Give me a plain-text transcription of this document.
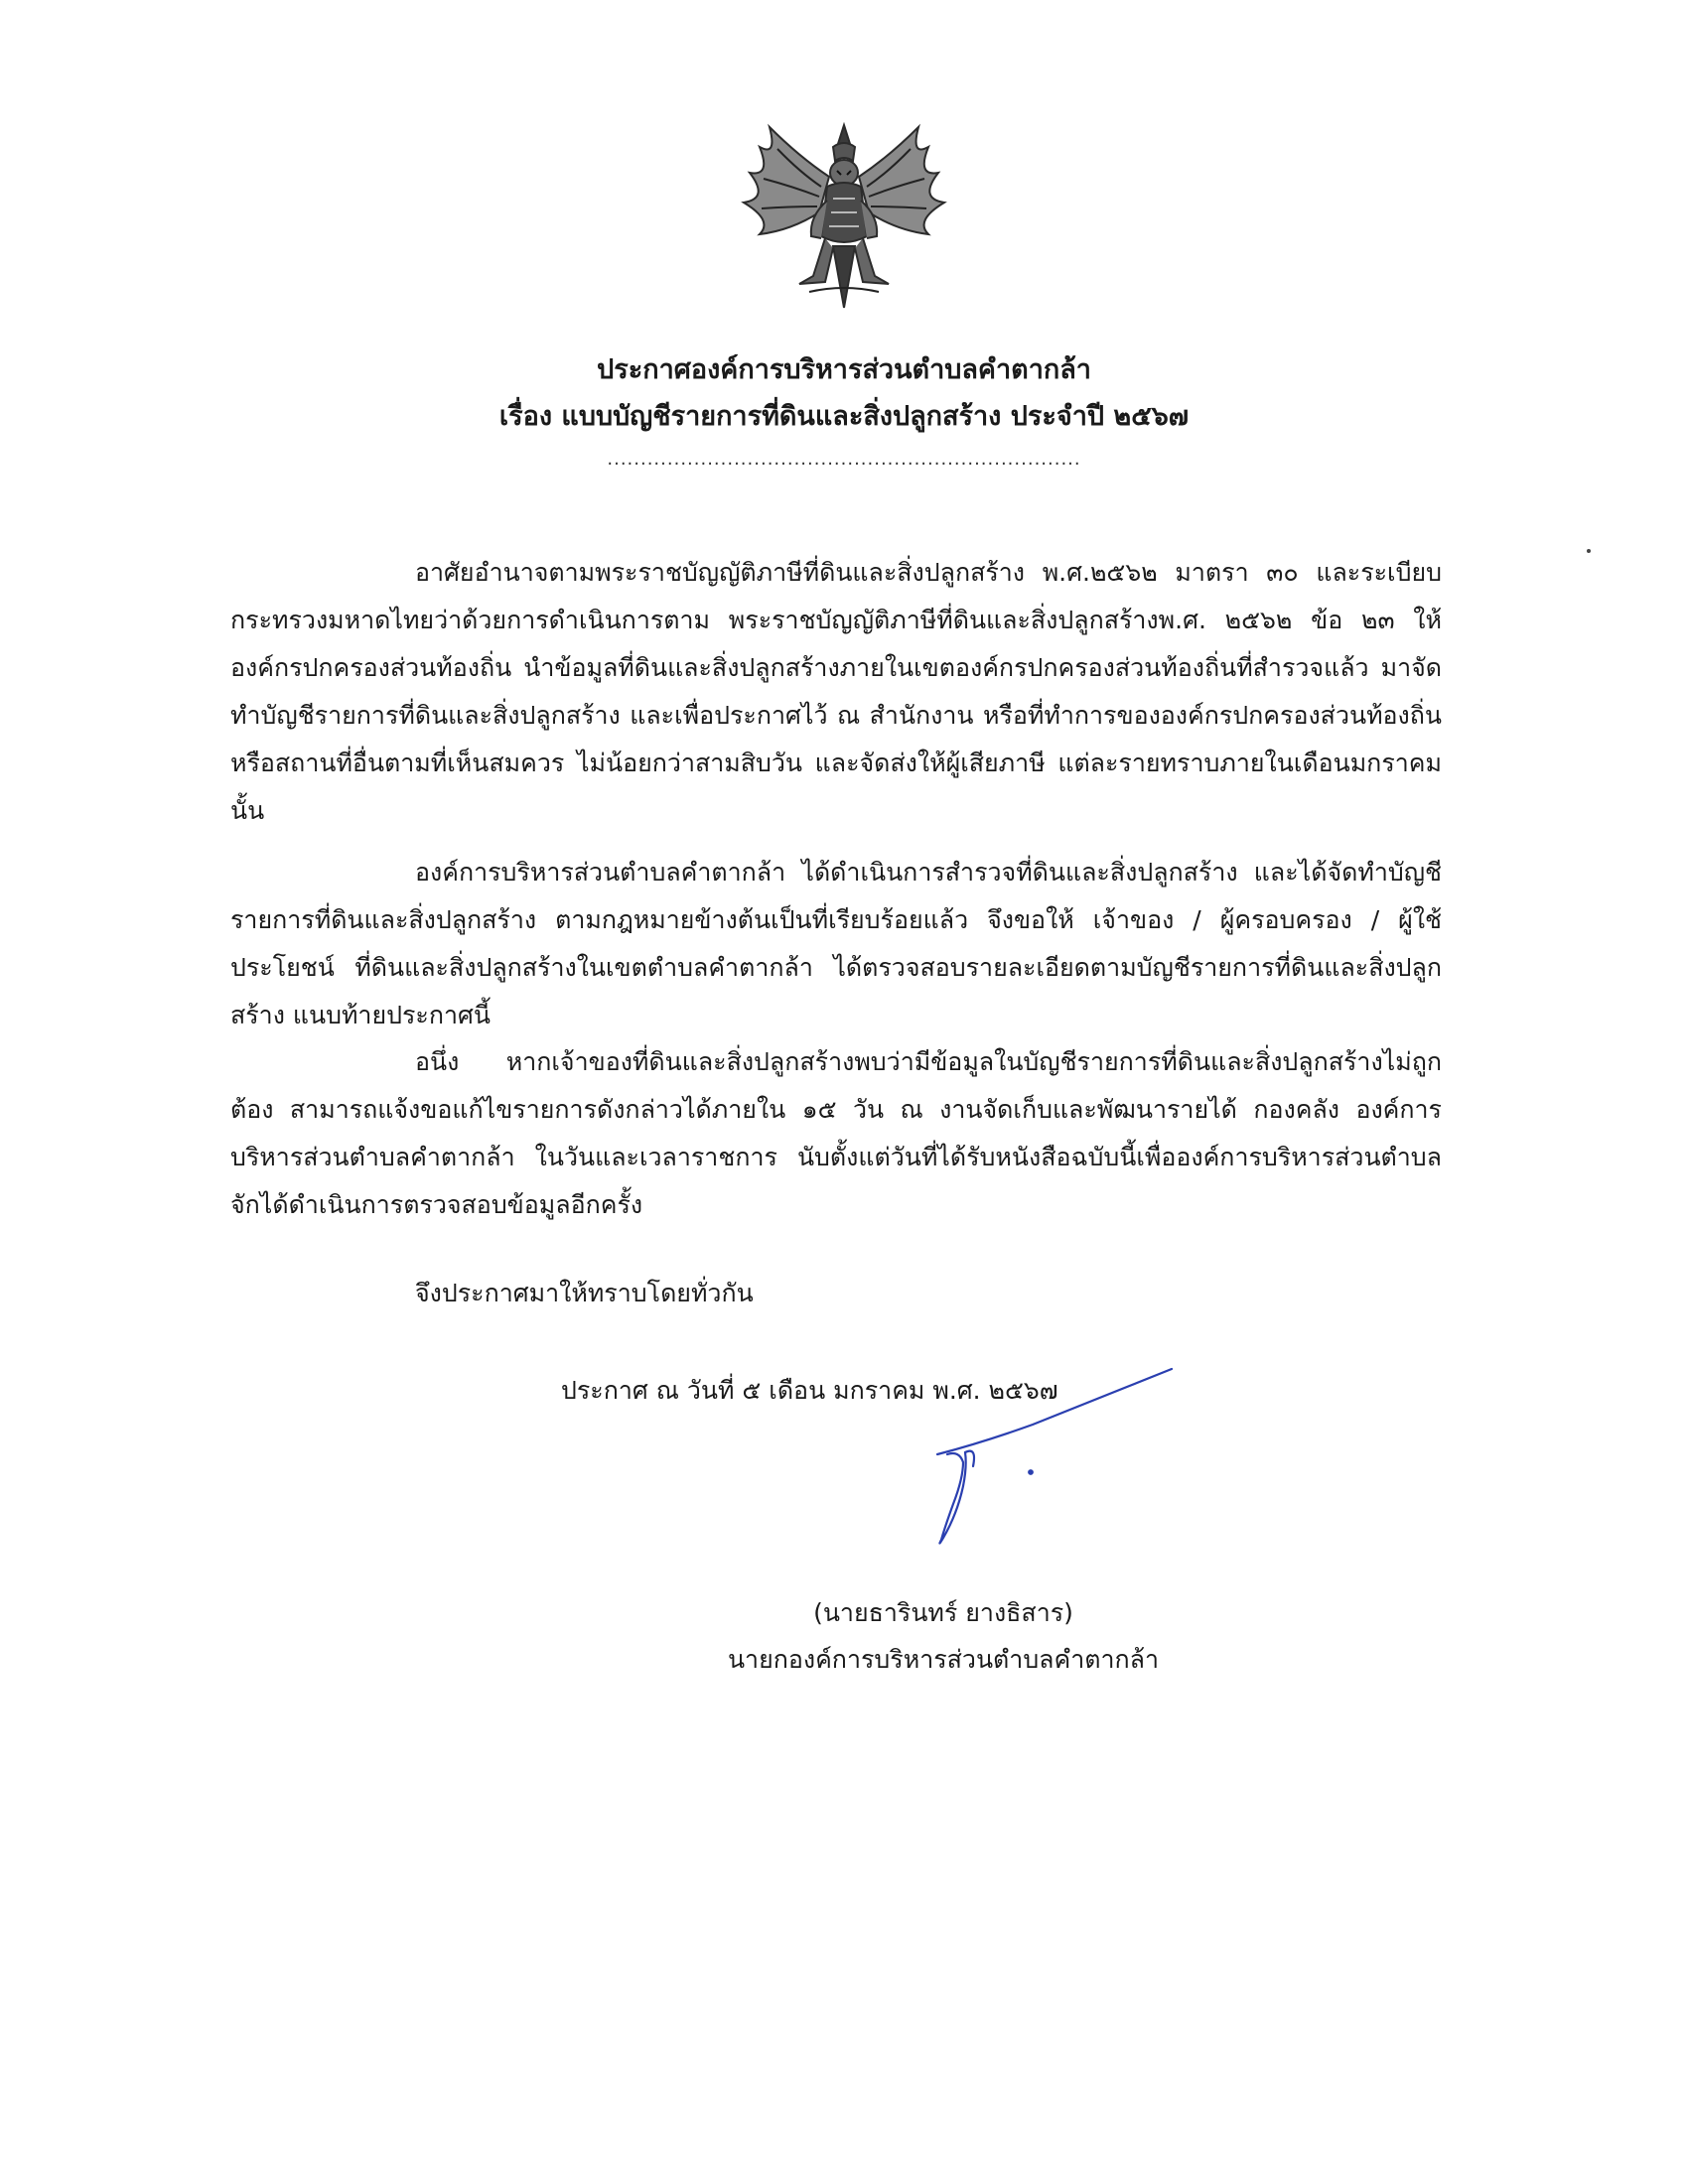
ประกาศองค์การบริหารส่วนตำบลคำตากล้า
เรื่อง แบบบัญชีรายการที่ดินและสิ่งปลูกสร้าง ประจำปี ๒๕๖๗
.......................................................................

อาศัยอำนาจตามพระราชบัญญัติภาษีที่ดินและสิ่งปลูกสร้าง พ.ศ.๒๕๖๒ มาตรา ๓๐ และระเบียบกระทรวงมหาดไทยว่าด้วยการดำเนินการตาม พระราชบัญญัติภาษีที่ดินและสิ่งปลูกสร้างพ.ศ. ๒๕๖๒ ข้อ ๒๓ ให้องค์กรปกครองส่วนท้องถิ่น นำข้อมูลที่ดินและสิ่งปลูกสร้างภายในเขตองค์กรปกครองส่วนท้องถิ่นที่สำรวจแล้ว มาจัดทำบัญชีรายการที่ดินและสิ่งปลูกสร้าง และเพื่อประกาศไว้ ณ สำนักงาน หรือที่ทำการขององค์กรปกครองส่วนท้องถิ่น หรือสถานที่อื่นตามที่เห็นสมควร ไม่น้อยกว่าสามสิบวัน และจัดส่งให้ผู้เสียภาษี แต่ละรายทราบภายในเดือนมกราคม นั้น

องค์การบริหารส่วนตำบลคำตากล้า ได้ดำเนินการสำรวจที่ดินและสิ่งปลูกสร้าง และได้จัดทำบัญชีรายการที่ดินและสิ่งปลูกสร้าง ตามกฎหมายข้างต้นเป็นที่เรียบร้อยแล้ว จึงขอให้ เจ้าของ / ผู้ครอบครอง / ผู้ใช้ประโยชน์ ที่ดินและสิ่งปลูกสร้างในเขตตำบลคำตากล้า ได้ตรวจสอบรายละเอียดตามบัญชีรายการที่ดินและสิ่งปลูกสร้าง แนบท้ายประกาศนี้

อนึ่ง หากเจ้าของที่ดินและสิ่งปลูกสร้างพบว่ามีข้อมูลในบัญชีรายการที่ดินและสิ่งปลูกสร้างไม่ถูกต้อง สามารถแจ้งขอแก้ไขรายการดังกล่าวได้ภายใน ๑๕ วัน ณ งานจัดเก็บและพัฒนารายได้ กองคลัง องค์การบริหารส่วนตำบลคำตากล้า ในวันและเวลาราชการ นับตั้งแต่วันที่ได้รับหนังสือฉบับนี้เพื่อองค์การบริหารส่วนตำบลจักได้ดำเนินการตรวจสอบข้อมูลอีกครั้ง

จึงประกาศมาให้ทราบโดยทั่วกัน
ประกาศ ณ วันที่ ๕ เดือน มกราคม พ.ศ. ๒๕๖๗
(นายธารินทร์ ยางธิสาร)
นายกองค์การบริหารส่วนตำบลคำตากล้า
